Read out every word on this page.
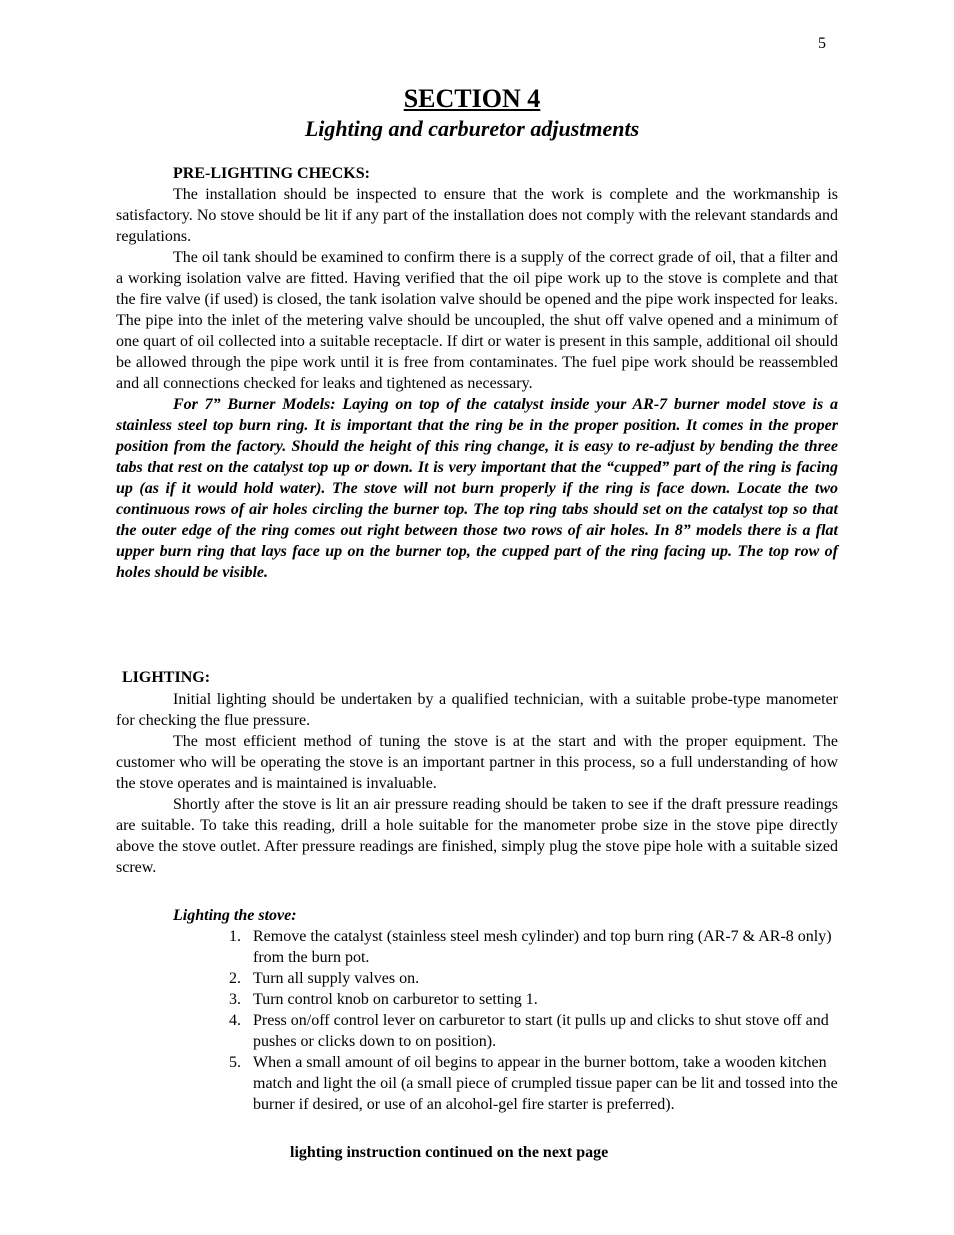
5
SECTION 4
Lighting and carburetor adjustments
PRE-LIGHTING CHECKS:

The installation should be inspected to ensure that the work is complete and the workmanship is satisfactory. No stove should be lit if any part of the installation does not comply with the relevant standards and regulations.

The oil tank should be examined to confirm there is a supply of the correct grade of oil, that a filter and a working isolation valve are fitted. Having verified that the oil pipe work up to the stove is complete and that the fire valve (if used) is closed, the tank isolation valve should be opened and the pipe work inspected for leaks. The pipe into the inlet of the metering valve should be uncoupled, the shut off valve opened and a minimum of one quart of oil collected into a suitable receptacle. If dirt or water is present in this sample, additional oil should be allowed through the pipe work until it is free from contaminates. The fuel pipe work should be reassembled and all connections checked for leaks and tightened as necessary.

For 7” Burner Models: Laying on top of the catalyst inside your AR-7 burner model stove is a stainless steel top burn ring. It is important that the ring be in the proper position. It comes in the proper position from the factory. Should the height of this ring change, it is easy to re-adjust by bending the three tabs that rest on the catalyst top up or down. It is very important that the “cupped” part of the ring is facing up (as if it would hold water). The stove will not burn properly if the ring is face down. Locate the two continuous rows of air holes circling the burner top. The top ring tabs should set on the catalyst top so that the outer edge of the ring comes out right between those two rows of air holes. In 8” models there is a flat upper burn ring that lays face up on the burner top, the cupped part of the ring facing up. The top row of holes should be visible.

LIGHTING:

Initial lighting should be undertaken by a qualified technician, with a suitable probe-type manometer for checking the flue pressure.

The most efficient method of tuning the stove is at the start and with the proper equipment. The customer who will be operating the stove is an important partner in this process, so a full understanding of how the stove operates and is maintained is invaluable.

Shortly after the stove is lit an air pressure reading should be taken to see if the draft pressure readings are suitable. To take this reading, drill a hole suitable for the manometer probe size in the stove pipe directly above the stove outlet. After pressure readings are finished, simply plug the stove pipe hole with a suitable sized screw.

Lighting the stove:
1. Remove the catalyst (stainless steel mesh cylinder) and top burn ring (AR-7 & AR-8 only) from the burn pot.
2. Turn all supply valves on.
3. Turn control knob on carburetor to setting 1.
4. Press on/off control lever on carburetor to start (it pulls up and clicks to shut stove off and pushes or clicks down to on position).
5. When a small amount of oil begins to appear in the burner bottom, take a wooden kitchen match and light the oil (a small piece of crumpled tissue paper can be lit and tossed into the burner if desired, or use of an alcohol-gel fire starter is preferred).
lighting instruction continued on the next page
